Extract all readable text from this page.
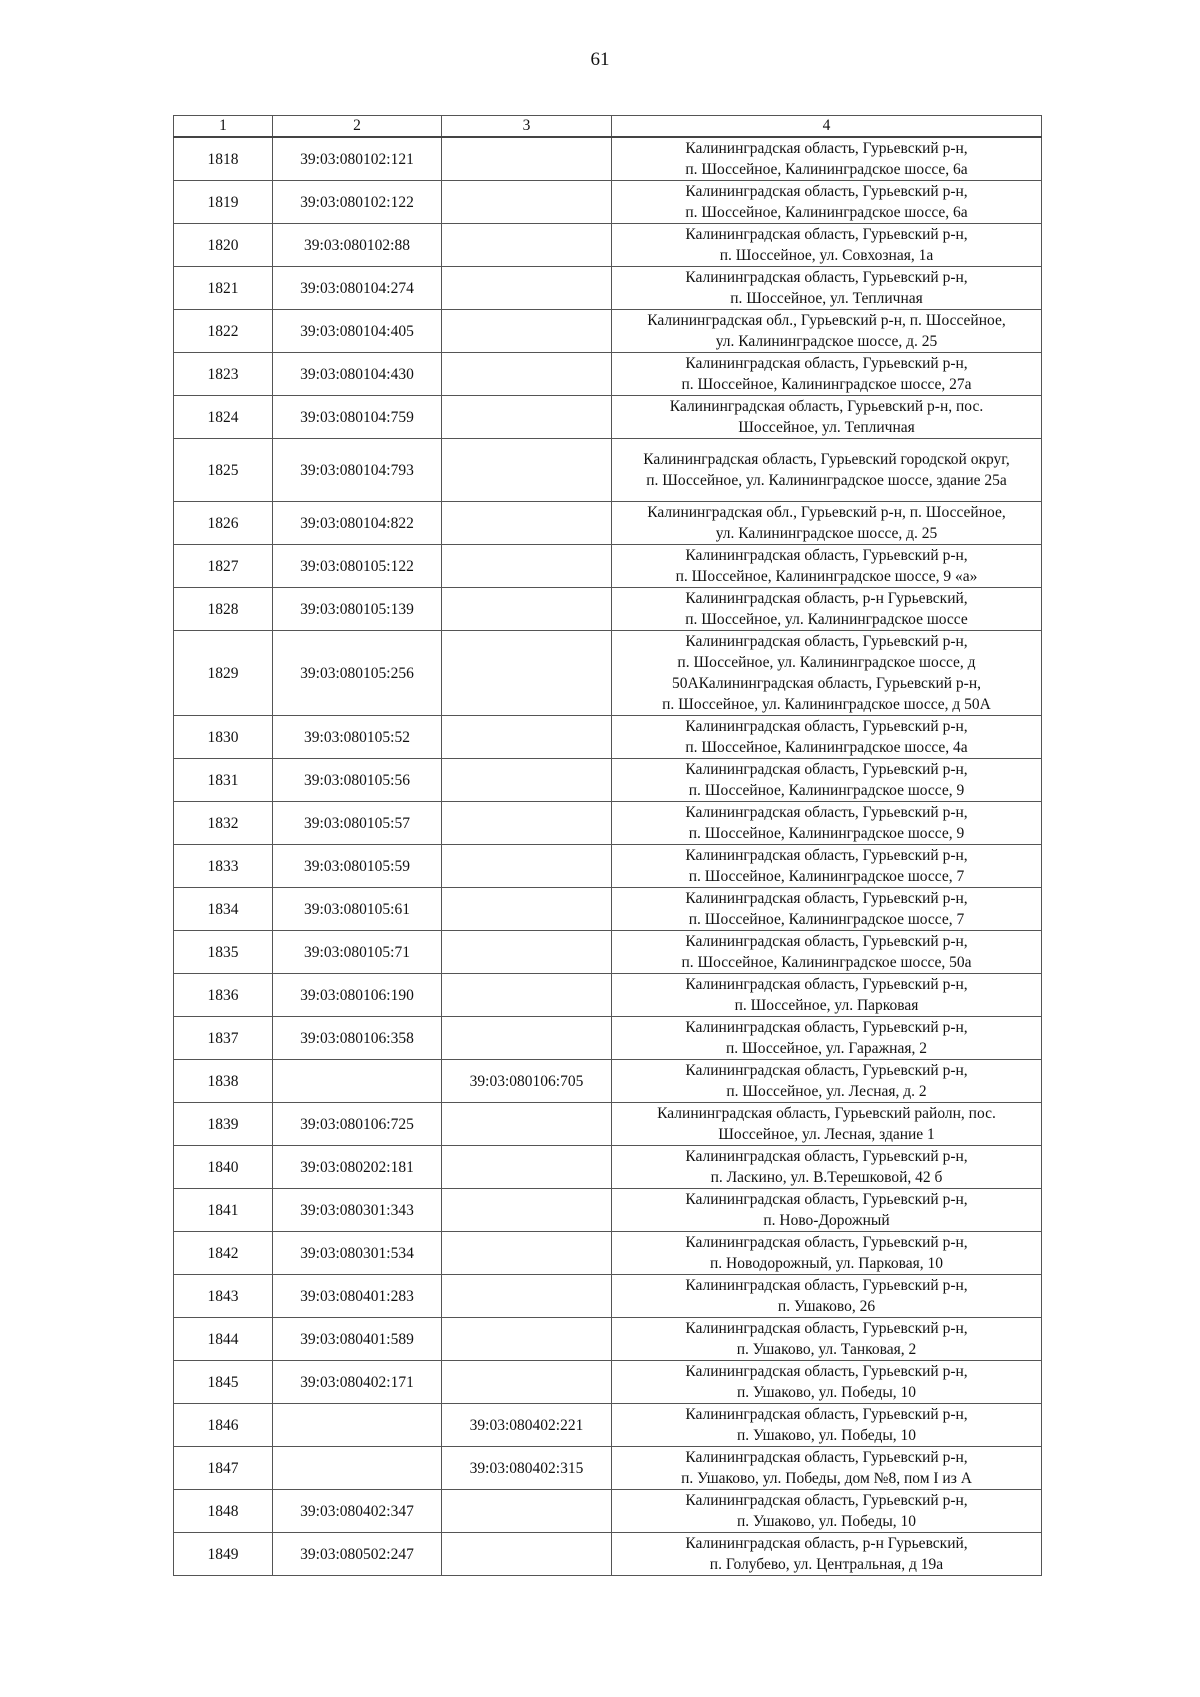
61
1	2	3	4
1818	39:03:080102:121		Калининградская область, Гурьевский р-н,
п. Шоссейное, Калининградское шоссе, 6а

1819	39:03:080102:122		Калининградская область, Гурьевский р-н,
п. Шоссейное, Калининградское шоссе, 6а

1820	39:03:080102:88		Калининградская область, Гурьевский р-н,
п. Шоссейное, ул. Совхозная, 1а

1821	39:03:080104:274		Калининградская область, Гурьевский р-н,
п. Шоссейное, ул. Тепличная

1822	39:03:080104:405		Калининградская обл., Гурьевский р-н, п. Шоссейное,
ул. Калининградское шоссе, д. 25

1823	39:03:080104:430		Калининградская область, Гурьевский р-н,
п. Шоссейное, Калининградское шоссе, 27а

1824	39:03:080104:759		Калининградская область, Гурьевский р-н, пос.
Шоссейное, ул. Тепличная

1825	39:03:080104:793		Калининградская область, Гурьевский городской округ,
п. Шоссейное, ул. Калининградское шоссе, здание 25а

1826	39:03:080104:822		Калининградская обл., Гурьевский р-н, п. Шоссейное,
ул. Калининградское шоссе, д. 25

1827	39:03:080105:122		Калининградская область, Гурьевский р-н,
п. Шоссейное, Калининградское шоссе, 9 «а»

1828	39:03:080105:139		Калининградская область, р-н Гурьевский,
п. Шоссейное, ул. Калининградское шоссе

1829	39:03:080105:256		Калининградская область, Гурьевский р-н,
п. Шоссейное, ул. Калининградское шоссе, д
50АКалининградская область, Гурьевский р-н,
п. Шоссейное, ул. Калининградское шоссе, д 50А

1830	39:03:080105:52		Калининградская область, Гурьевский р-н,
п. Шоссейное, Калининградское шоссе, 4а

1831	39:03:080105:56		Калининградская область, Гурьевский р-н,
п. Шоссейное, Калининградское шоссе, 9

1832	39:03:080105:57		Калининградская область, Гурьевский р-н,
п. Шоссейное, Калининградское шоссе, 9

1833	39:03:080105:59		Калининградская область, Гурьевский р-н,
п. Шоссейное, Калининградское шоссе, 7

1834	39:03:080105:61		Калининградская область, Гурьевский р-н,
п. Шоссейное, Калининградское шоссе, 7

1835	39:03:080105:71		Калининградская область, Гурьевский р-н,
п. Шоссейное, Калининградское шоссе, 50а

1836	39:03:080106:190		Калининградская область, Гурьевский р-н,
п. Шоссейное, ул. Парковая

1837	39:03:080106:358		Калининградская область, Гурьевский р-н,
п. Шоссейное, ул. Гаражная, 2

1838		39:03:080106:705	Калининградская область, Гурьевский р-н,
п. Шоссейное, ул. Лесная, д. 2

1839	39:03:080106:725		Калининградская область, Гурьевский райолн, пос.
Шоссейное, ул. Лесная, здание 1

1840	39:03:080202:181		Калининградская область, Гурьевский р-н,
п. Ласкино, ул. В.Терешковой, 42 б

1841	39:03:080301:343		Калининградская область, Гурьевский р-н,
п. Ново-Дорожный

1842	39:03:080301:534		Калининградская область, Гурьевский р-н,
п. Новодорожный, ул. Парковая, 10

1843	39:03:080401:283		Калининградская область, Гурьевский р-н,
п. Ушаково, 26

1844	39:03:080401:589		Калининградская область, Гурьевский р-н,
п. Ушаково, ул. Танковая, 2

1845	39:03:080402:171		Калининградская область, Гурьевский р-н,
п. Ушаково, ул. Победы, 10

1846		39:03:080402:221	Калининградская область, Гурьевский р-н,
п. Ушаково, ул. Победы, 10

1847		39:03:080402:315	Калининградская область, Гурьевский р-н,
п. Ушаково, ул. Победы, дом №8, пом I из А

1848	39:03:080402:347		Калининградская область, Гурьевский р-н,
п. Ушаково, ул. Победы, 10

1849	39:03:080502:247		Калининградская область, р-н Гурьевский,
п. Голубево, ул. Центральная, д 19а
